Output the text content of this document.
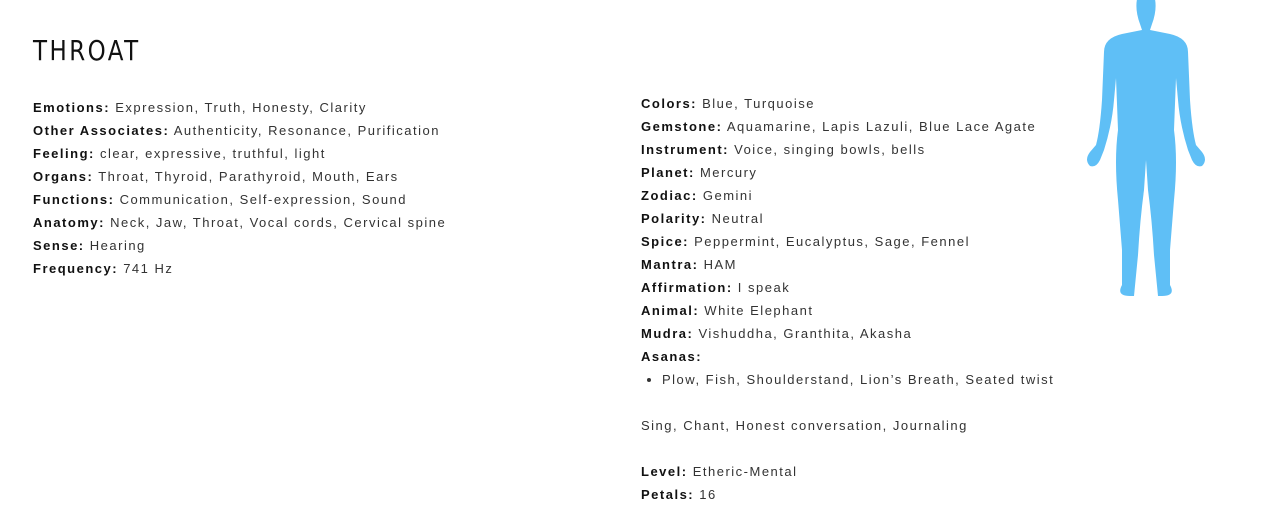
THROAT
Emotions: Expression, Truth, Honesty, Clarity
Other Associates: Authenticity, Resonance, Purification
Feeling: clear, expressive, truthful, light
Organs: Throat, Thyroid, Parathyroid, Mouth, Ears
Functions: Communication, Self-expression, Sound
Anatomy: Neck, Jaw, Throat, Vocal cords, Cervical spine
Sense: Hearing
Frequency: 741 Hz
Colors: Blue, Turquoise
Gemstone: Aquamarine, Lapis Lazuli, Blue Lace Agate
Instrument: Voice, singing bowls, bells
Planet: Mercury
Zodiac: Gemini
Polarity: Neutral
Spice: Peppermint, Eucalyptus, Sage, Fennel
Mantra: HAM
Affirmation: I speak
Animal: White Elephant
Mudra: Vishuddha, Granthita, Akasha
Asanas:
• Plow, Fish, Shoulderstand, Lion’s Breath, Seated twist
Sing, Chant, Honest conversation, Journaling
Level: Etheric-Mental
Petals: 16
